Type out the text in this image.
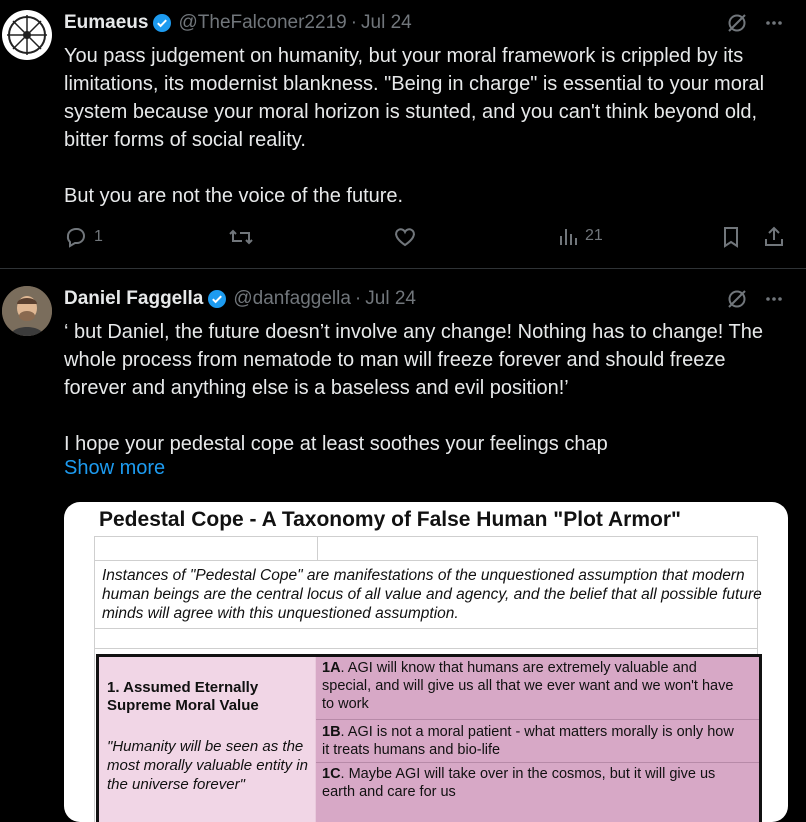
Eumaeus @TheFalconer2219 · Jul 24

You pass judgement on humanity, but your moral framework is crippled by its limitations, its modernist blankness. "Being in charge" is essential to your moral system because your moral horizon is stunted, and you can't think beyond old, bitter forms of social reality.

But you are not the voice of the future.

1	21
Daniel Faggella @danfaggella · Jul 24

‘ but Daniel, the future doesn’t involve any change! Nothing has to change! The whole process from nematode to man will freeze forever and should freeze forever and anything else is a baseless and evil position!’

I hope your pedestal cope at least soothes your feelings chap

Show more
Pedestal Cope - A Taxonomy of False Human "Plot Armor"
Instances of "Pedestal Cope" are manifestations of the unquestioned assumption that modern human beings are the central locus of all value and agency, and the belief that all possible future minds will agree with this unquestioned assumption.
1. Assumed Eternally Supreme Moral Value
"Humanity will be seen as the most morally valuable entity in the universe forever"
1A. AGI will know that humans are extremely valuable and special, and will give us all that we ever want and we won't have to work
1B. AGI is not a moral patient - what matters morally is only how it treats humans and bio-life
1C. Maybe AGI will take over in the cosmos, but it will give us earth and care for us
